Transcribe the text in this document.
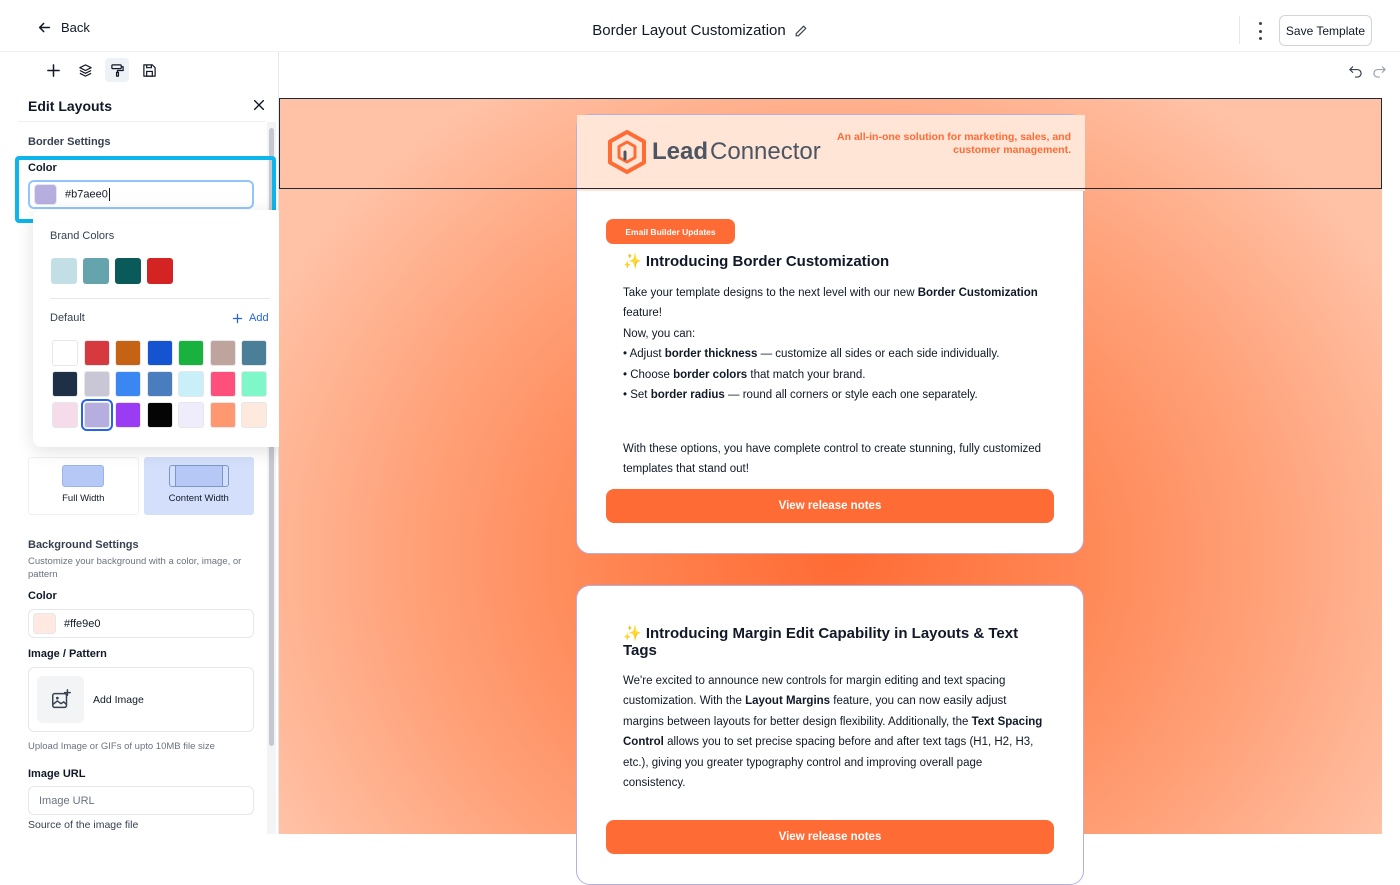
Back	Border Layout Customization	Save Template
Edit Layouts
Border Settings
Color
#b7aee0
Full Width	Content Width
Background Settings
Customize your background with a color, image, or pattern
Color
#ffe9e0
Image / Pattern
Add Image
Upload Image or GIFs of upto 10MB file size
Image URL
Image URL
Source of the image file
Brand Colors
Default	Add
Lead Connector
An all-in-one solution for marketing, sales, and customer management.
Email Builder Updates
✨ Introducing Border Customization
Take your template designs to the next level with our new Border Customization feature!
Now, you can:
• Adjust border thickness — customize all sides or each side individually.
• Choose border colors that match your brand.
• Set border radius — round all corners or style each one separately.
With these options, you have complete control to create stunning, fully customized templates that stand out!
View release notes
✨ Introducing Margin Edit Capability in Layouts & Text Tags
We're excited to announce new controls for margin editing and text spacing customization. With the Layout Margins feature, you can now easily adjust margins between layouts for better design flexibility. Additionally, the Text Spacing Control allows you to set precise spacing before and after text tags (H1, H2, H3, etc.), giving you greater typography control and improving overall page consistency.
View release notes
